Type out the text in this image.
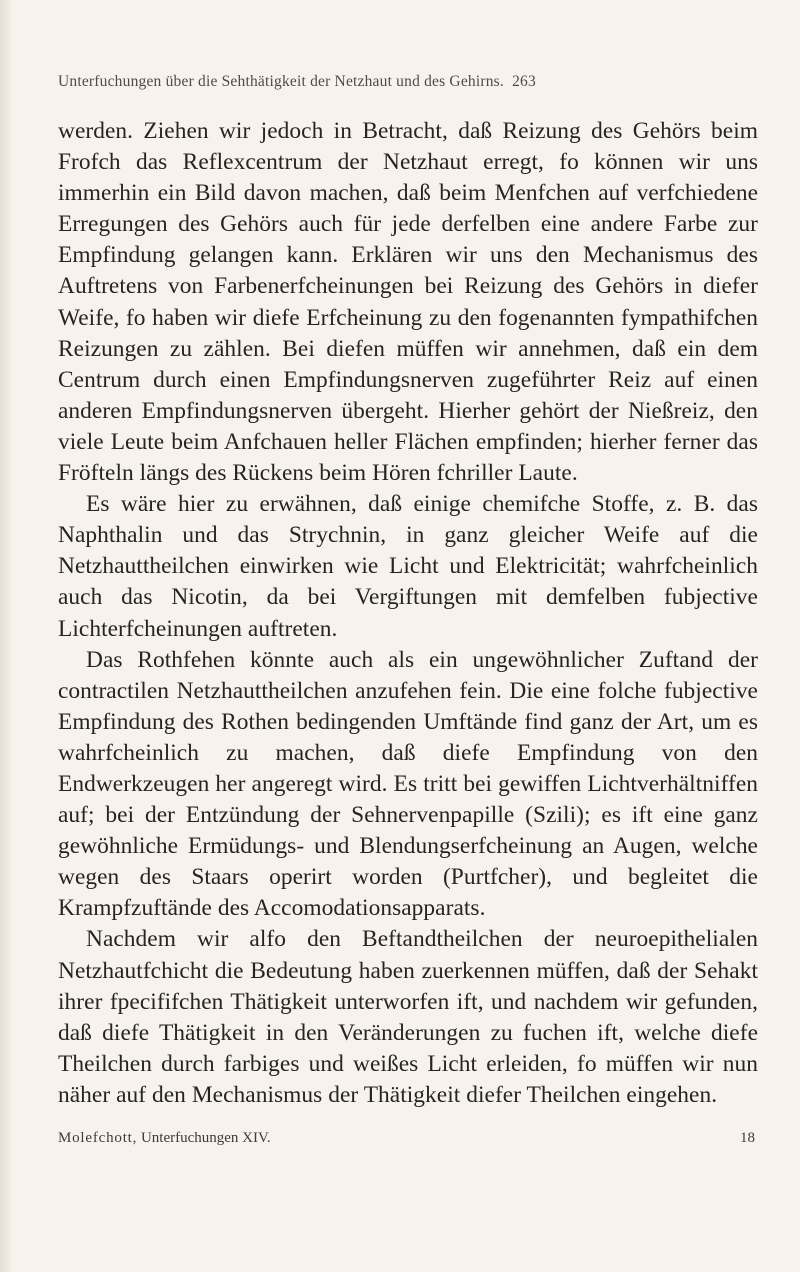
Unterfuchungen über die Sehthätigkeit der Netzhaut und des Gehirns. 263

werden. Ziehen wir jedoch in Betracht, daß Reizung des Gehörs beim Frofch das Reflexcentrum der Netzhaut erregt, fo können wir uns immerhin ein Bild davon machen, daß beim Menfchen auf verfchiedene Erregungen des Gehörs auch für jede derfelben eine andere Farbe zur Empfindung gelangen kann. Erklären wir uns den Mechanismus des Auftretens von Farbenerfcheinungen bei Reizung des Gehörs in diefer Weife, fo haben wir diefe Erfcheinung zu den fogenannten fympathifchen Reizungen zu zählen. Bei diefen müffen wir annehmen, daß ein dem Centrum durch einen Empfindungsnerven zugeführter Reiz auf einen anderen Empfindungsnerven übergeht. Hierher gehört der Nießreiz, den viele Leute beim Anfchauen heller Flächen empfinden; hierher ferner das Fröfteln längs des Rückens beim Hören fchriller Laute.

Es wäre hier zu erwähnen, daß einige chemifche Stoffe, z. B. das Naphthalin und das Strychnin, in ganz gleicher Weife auf die Netzhauttheilchen einwirken wie Licht und Elektricität; wahrfcheinlich auch das Nicotin, da bei Vergiftungen mit demfelben fubjective Lichterfcheinungen auftreten.

Das Rothfehen könnte auch als ein ungewöhnlicher Zuftand der contractilen Netzhauttheilchen anzufehen fein. Die eine folche fubjective Empfindung des Rothen bedingenden Umftände find ganz der Art, um es wahrfcheinlich zu machen, daß diefe Empfindung von den Endwerkzeugen her angeregt wird. Es tritt bei gewiffen Lichtverhältniffen auf; bei der Entzündung der Sehnervenpapille (Szili); es ift eine ganz gewöhnliche Ermüdungs- und Blendungserfcheinung an Augen, welche wegen des Staars operirt worden (Purtfcher), und begleitet die Krampfzuftände des Accomodationsapparats.

Nachdem wir alfo den Beftandtheilchen der neuroepithelialen Netzhautfchicht die Bedeutung haben zuerkennen müffen, daß der Sehakt ihrer fpecififchen Thätigkeit unterworfen ift, und nachdem wir gefunden, daß diefe Thätigkeit in den Veränderungen zu fuchen ift, welche diefe Theilchen durch farbiges und weißes Licht erleiden, fo müffen wir nun näher auf den Mechanismus der Thätigkeit diefer Theilchen eingehen.

Molefchott, Unterfuchungen XIV.	18
